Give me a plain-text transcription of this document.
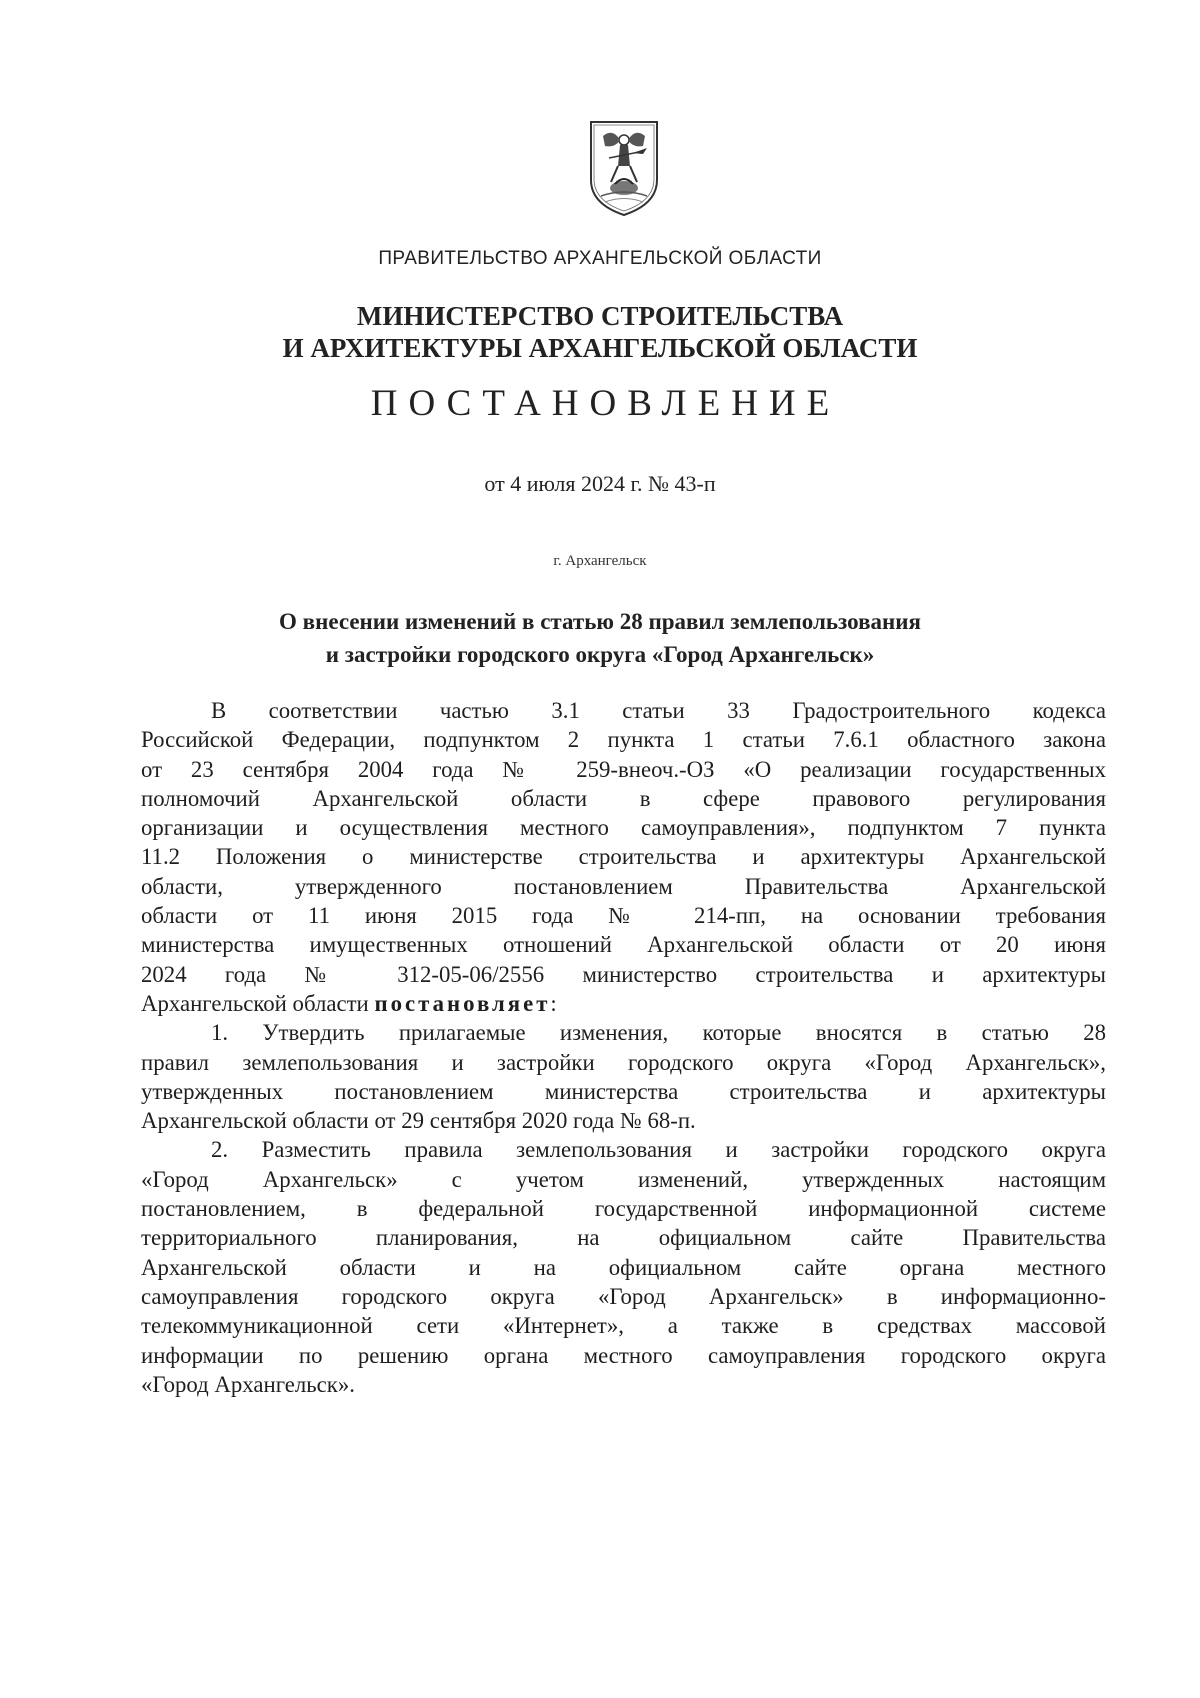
ПРАВИТЕЛЬСТВО АРХАНГЕЛЬСКОЙ ОБЛАСТИ
МИНИСТЕРСТВО СТРОИТЕЛЬСТВА
И АРХИТЕКТУРЫ АРХАНГЕЛЬСКОЙ ОБЛАСТИ
ПОСТАНОВЛЕНИЕ
от 4 июля 2024 г. № 43-п
г. Архангельск
О внесении изменений в статью 28 правил землепользования
и застройки городского округа «Город Архангельск»
В соответствии частью 3.1 статьи 33 Градостроительного кодекса
Российской Федерации, подпунктом 2 пункта 1 статьи 7.6.1 областного закона
от 23 сентября 2004 года № 259-внеоч.-ОЗ «О реализации государственных
полномочий Архангельской области в сфере правового регулирования
организации и осуществления местного самоуправления», подпунктом 7 пункта
11.2 Положения о министерстве строительства и архитектуры Архангельской
области, утвержденного постановлением Правительства Архангельской
области от 11 июня 2015 года № 214-пп, на основании требования
министерства имущественных отношений Архангельской области от 20 июня
2024 года № 312-05-06/2556 министерство строительства и архитектуры
Архангельской области постановляет:
1. Утвердить прилагаемые изменения, которые вносятся в статью 28
правил землепользования и застройки городского округа «Город Архангельск»,
утвержденных постановлением министерства строительства и архитектуры
Архангельской области от 29 сентября 2020 года № 68-п.
2. Разместить правила землепользования и застройки городского округа
«Город Архангельск» с учетом изменений, утвержденных настоящим
постановлением, в федеральной государственной информационной системе
территориального планирования, на официальном сайте Правительства
Архангельской области и на официальном сайте органа местного
самоуправления городского округа «Город Архангельск» в информационно-
телекоммуникационной сети «Интернет», а также в средствах массовой
информации по решению органа местного самоуправления городского округа
«Город Архангельск».
